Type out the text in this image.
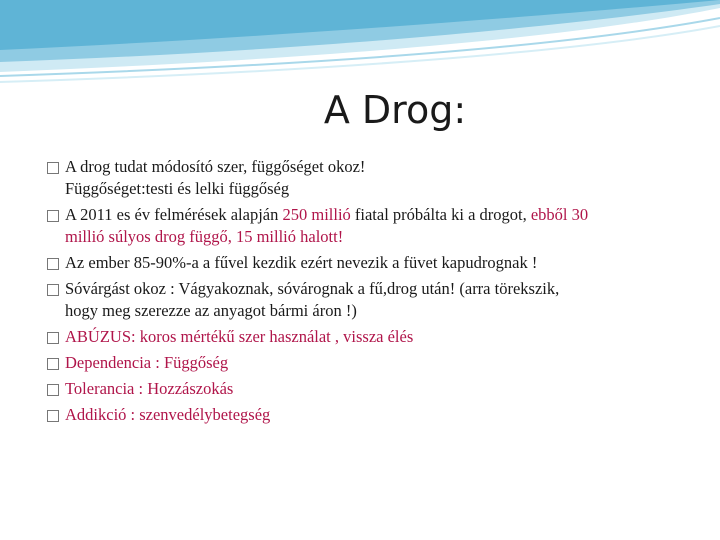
A Drog:
A drog tudat módosító szer, függőséget okoz!
Függőséget:testi és lelki függőség
A 2011 es év felmérések alapján 250 millió fiatal próbálta ki a drogot, ebből 30
millió súlyos drog függő, 15 millió halott!
Az ember 85-90%-a a fűvel kezdik ezért nevezik a füvet kapudrognak !
Sóvárgást okoz : Vágyakoznak, sóvárognak a fű,drog után! (arra törekszik,
hogy meg szerezze az anyagot bármi áron !)
ABÚZUS: koros mértékű szer használat , vissza élés
Dependencia : Függőség
Tolerancia : Hozzászokás
Addikció : szenvedélybetegség
